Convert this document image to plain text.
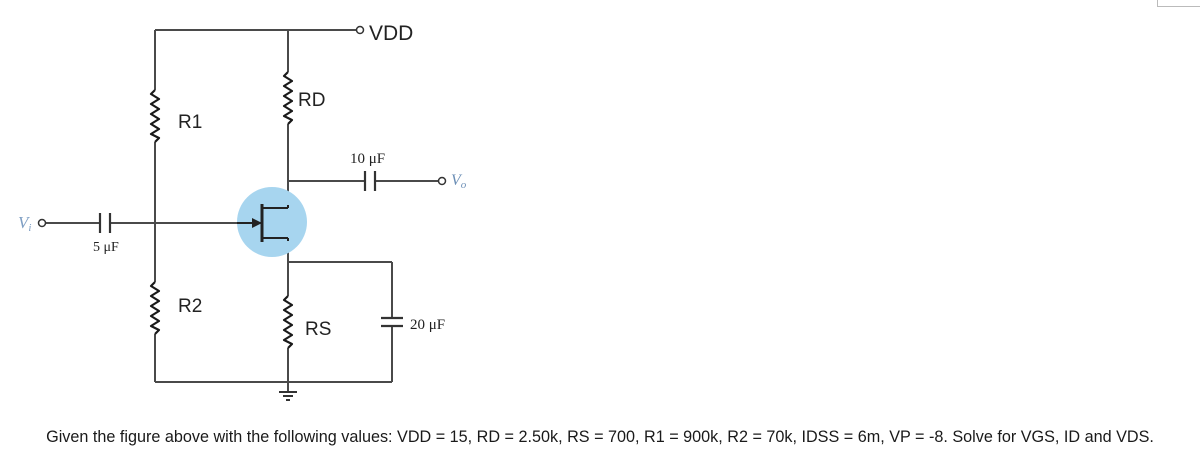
VDD
R1
R2
RD
RS
5 μF
10 μF
20 μF
Vi
Vo
Given the figure above with the following values: VDD = 15, RD = 2.50k, RS = 700, R1 = 900k, R2 = 70k, IDSS = 6m, VP = -8. Solve for VGS, ID and VDS.
